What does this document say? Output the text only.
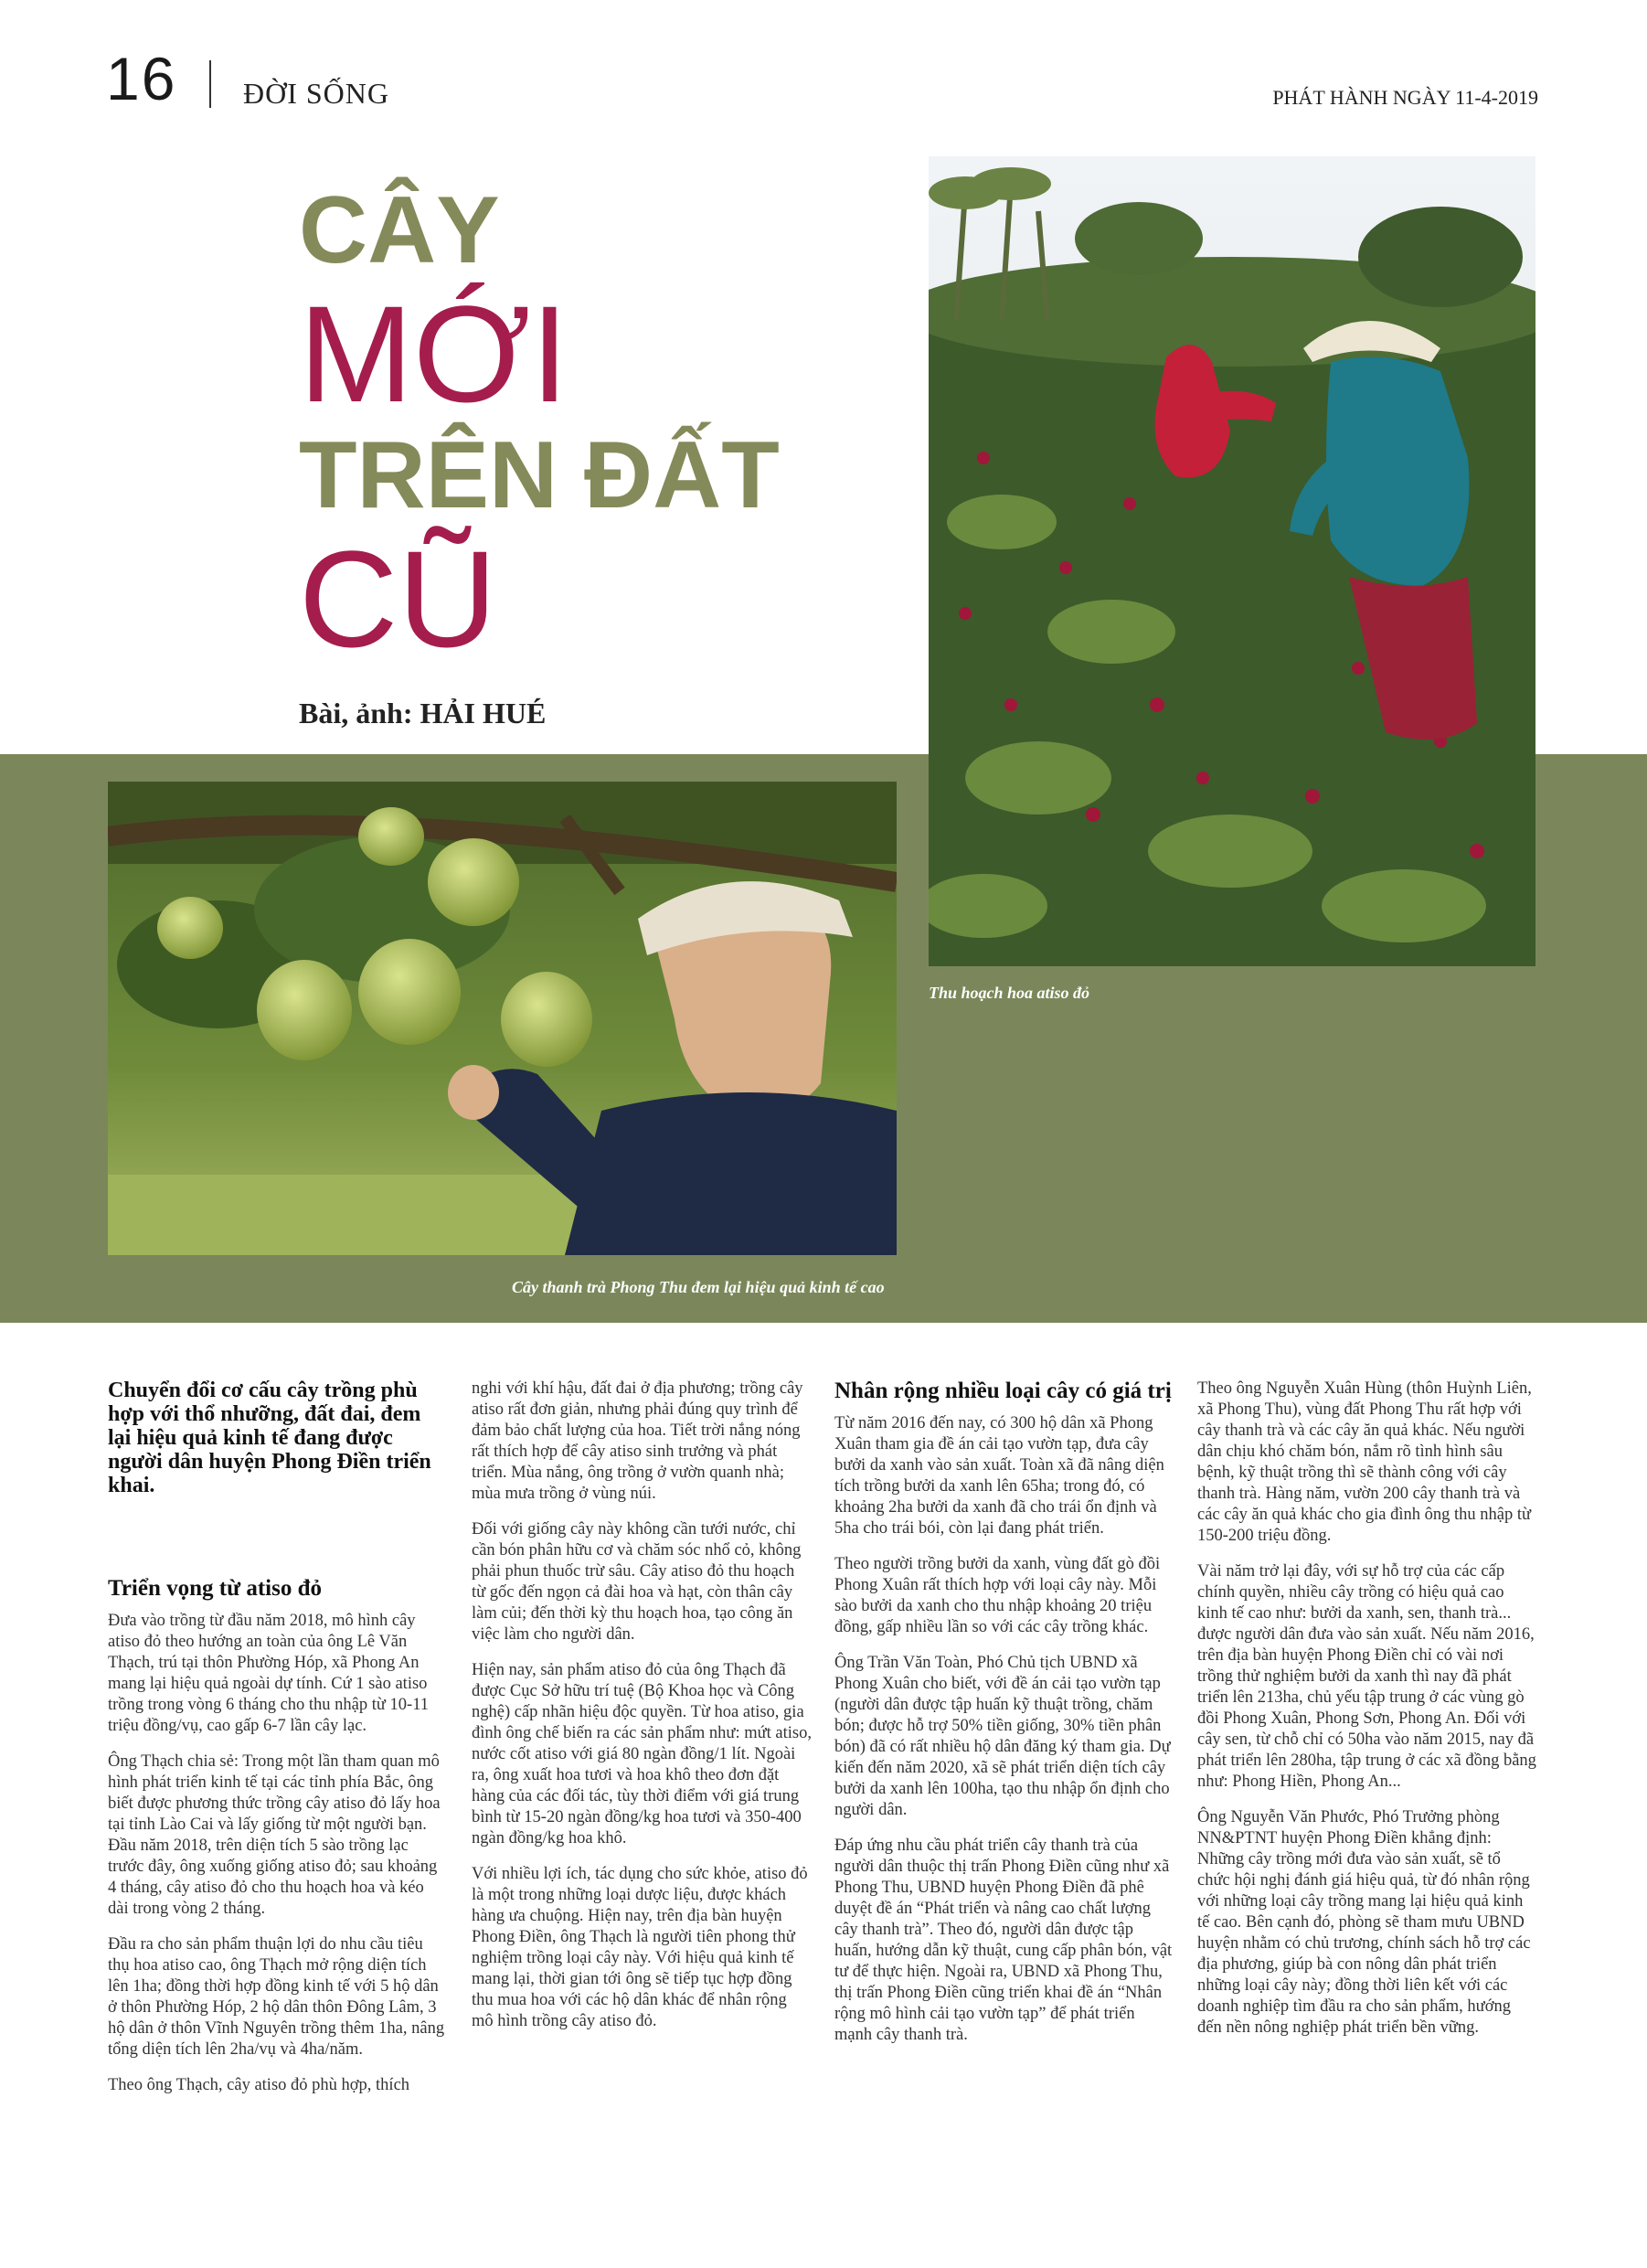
16 ĐỜI SỐNG	PHÁT HÀNH NGÀY 11-4-2019
CÂY
MỚI
TRÊN ĐẤT
CŨ
Bài, ảnh: HẢI HUÉ
Cây thanh trà Phong Thu đem lại hiệu quả kinh tế cao
Thu hoạch hoa atiso đỏ

Chuyển đổi cơ cấu cây trồng phù hợp với thổ nhưỡng, đất đai, đem lại hiệu quả kinh tế đang được người dân huyện Phong Điền triển khai.

Triển vọng từ atiso đỏ

Đưa vào trồng từ đầu năm 2018, mô hình cây atiso đỏ theo hướng an toàn của ông Lê Văn Thạch, trú tại thôn Phường Hóp, xã Phong An mang lại hiệu quả ngoài dự tính. Cứ 1 sào atiso trồng trong vòng 6 tháng cho thu nhập từ 10-11 triệu đồng/vụ, cao gấp 6-7 lần cây lạc.

Ông Thạch chia sẻ: Trong một lần tham quan mô hình phát triển kinh tế tại các tỉnh phía Bắc, ông biết được phương thức trồng cây atiso đỏ lấy hoa tại tỉnh Lào Cai và lấy giống từ một người bạn. Đầu năm 2018, trên diện tích 5 sào trồng lạc trước đây, ông xuống giống atiso đỏ; sau khoảng 4 tháng, cây atiso đỏ cho thu hoạch hoa và kéo dài trong vòng 2 tháng.

Đầu ra cho sản phẩm thuận lợi do nhu cầu tiêu thụ hoa atiso cao, ông Thạch mở rộng diện tích lên 1ha; đồng thời hợp đồng kinh tế với 5 hộ dân ở thôn Phường Hóp, 2 hộ dân thôn Đông Lâm, 3 hộ dân ở thôn Vĩnh Nguyên trồng thêm 1ha, nâng tổng diện tích lên 2ha/vụ và 4ha/năm.

Theo ông Thạch, cây atiso đỏ phù hợp, thích

nghi với khí hậu, đất đai ở địa phương; trồng cây atiso rất đơn giản, nhưng phải đúng quy trình để đảm bảo chất lượng của hoa. Tiết trời nắng nóng rất thích hợp để cây atiso sinh trưởng và phát triển. Mùa nắng, ông trồng ở vườn quanh nhà; mùa mưa trồng ở vùng núi.

Đối với giống cây này không cần tưới nước, chỉ cần bón phân hữu cơ và chăm sóc nhổ cỏ, không phải phun thuốc trừ sâu. Cây atiso đỏ thu hoạch từ gốc đến ngọn cả đài hoa và hạt, còn thân cây làm củi; đến thời kỳ thu hoạch hoa, tạo công ăn việc làm cho người dân.

Hiện nay, sản phẩm atiso đỏ của ông Thạch đã được Cục Sở hữu trí tuệ (Bộ Khoa học và Công nghệ) cấp nhãn hiệu độc quyền. Từ hoa atiso, gia đình ông chế biến ra các sản phẩm như: mứt atiso, nước cốt atiso với giá 80 ngàn đồng/1 lít. Ngoài ra, ông xuất hoa tươi và hoa khô theo đơn đặt hàng của các đối tác, tùy thời điểm với giá trung bình từ 15-20 ngàn đồng/kg hoa tươi và 350-400 ngàn đồng/kg hoa khô.

Với nhiều lợi ích, tác dụng cho sức khỏe, atiso đỏ là một trong những loại dược liệu, được khách hàng ưa chuộng. Hiện nay, trên địa bàn huyện Phong Điền, ông Thạch là người tiên phong thử nghiệm trồng loại cây này. Với hiệu quả kinh tế mang lại, thời gian tới ông sẽ tiếp tục hợp đồng thu mua hoa với các hộ dân khác để nhân rộng mô hình trồng cây atiso đỏ.

Nhân rộng nhiều loại cây có giá trị

Từ năm 2016 đến nay, có 300 hộ dân xã Phong Xuân tham gia đề án cải tạo vườn tạp, đưa cây bưởi da xanh vào sản xuất. Toàn xã đã nâng diện tích trồng bưởi da xanh lên 65ha; trong đó, có khoảng 2ha bưởi da xanh đã cho trái ổn định và 5ha cho trái bói, còn lại đang phát triển.

Theo người trồng bưởi da xanh, vùng đất gò đồi Phong Xuân rất thích hợp với loại cây này. Mỗi sào bưởi da xanh cho thu nhập khoảng 20 triệu đồng, gấp nhiều lần so với các cây trồng khác.

Ông Trần Văn Toàn, Phó Chủ tịch UBND xã Phong Xuân cho biết, với đề án cải tạo vườn tạp (người dân được tập huấn kỹ thuật trồng, chăm bón; được hỗ trợ 50% tiền giống, 30% tiền phân bón) đã có rất nhiều hộ dân đăng ký tham gia. Dự kiến đến năm 2020, xã sẽ phát triển diện tích cây bưởi da xanh lên 100ha, tạo thu nhập ổn định cho người dân.

Đáp ứng nhu cầu phát triển cây thanh trà của người dân thuộc thị trấn Phong Điền cũng như xã Phong Thu, UBND huyện Phong Điền đã phê duyệt đề án “Phát triển và nâng cao chất lượng cây thanh trà”. Theo đó, người dân được tập huấn, hướng dẫn kỹ thuật, cung cấp phân bón, vật tư để thực hiện. Ngoài ra, UBND xã Phong Thu, thị trấn Phong Điền cũng triển khai đề án “Nhân rộng mô hình cải tạo vườn tạp” để phát triển mạnh cây thanh trà.

Theo ông Nguyễn Xuân Hùng (thôn Huỳnh Liên, xã Phong Thu), vùng đất Phong Thu rất hợp với cây thanh trà và các cây ăn quả khác. Nếu người dân chịu khó chăm bón, nắm rõ tình hình sâu bệnh, kỹ thuật trồng thì sẽ thành công với cây thanh trà. Hàng năm, vườn 200 cây thanh trà và các cây ăn quả khác cho gia đình ông thu nhập từ 150-200 triệu đồng.

Vài năm trở lại đây, với sự hỗ trợ của các cấp chính quyền, nhiều cây trồng có hiệu quả cao kinh tế cao như: bưởi da xanh, sen, thanh trà... được người dân đưa vào sản xuất. Nếu năm 2016, trên địa bàn huyện Phong Điền chỉ có vài nơi trồng thử nghiệm bưởi da xanh thì nay đã phát triển lên 213ha, chủ yếu tập trung ở các vùng gò đồi Phong Xuân, Phong Sơn, Phong An. Đối với cây sen, từ chỗ chỉ có 50ha vào năm 2015, nay đã phát triển lên 280ha, tập trung ở các xã đồng bằng như: Phong Hiền, Phong An...

Ông Nguyễn Văn Phước, Phó Trưởng phòng NN&PTNT huyện Phong Điền khẳng định: Những cây trồng mới đưa vào sản xuất, sẽ tổ chức hội nghị đánh giá hiệu quả, từ đó nhân rộng với những loại cây trồng mang lại hiệu quả kinh tế cao. Bên cạnh đó, phòng sẽ tham mưu UBND huyện nhằm có chủ trương, chính sách hỗ trợ các địa phương, giúp bà con nông dân phát triển những loại cây này; đồng thời liên kết với các doanh nghiệp tìm đầu ra cho sản phẩm, hướng đến nền nông nghiệp phát triển bền vững.
